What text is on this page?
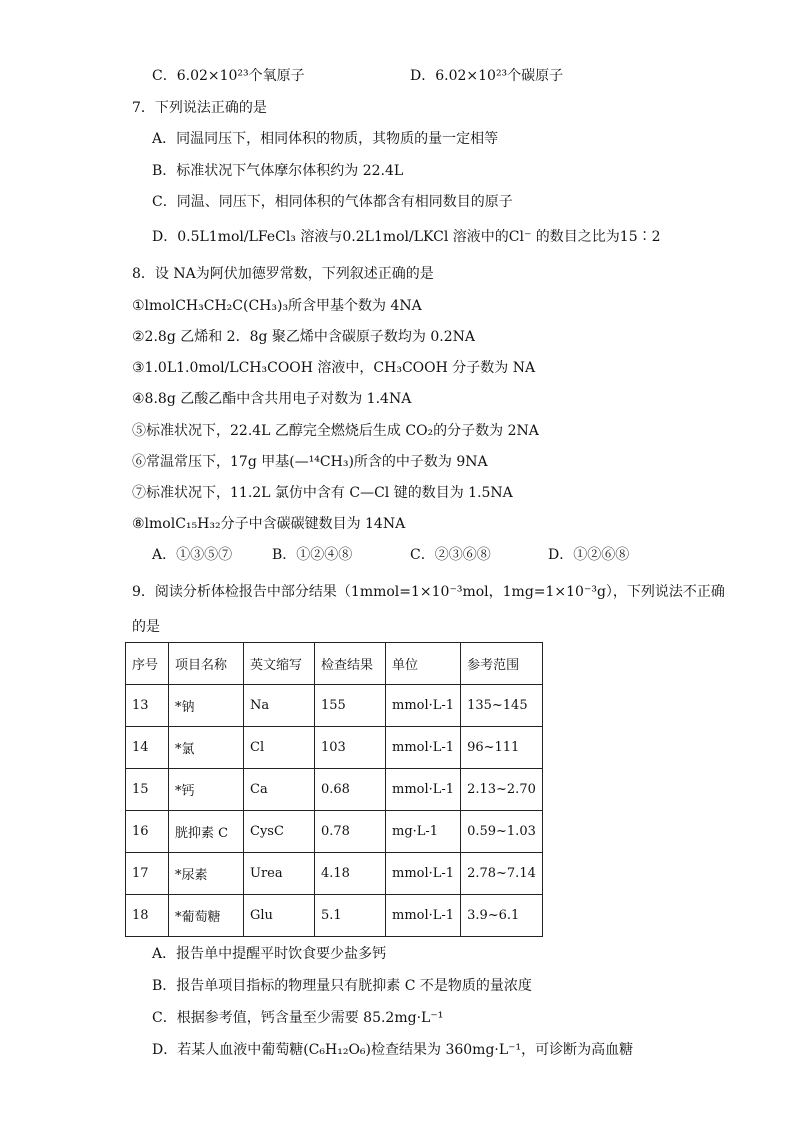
C．6.02×10²³个氧原子	D．6.02×10²³个碳原子
7．下列说法正确的是
A．同温同压下，相同体积的物质，其物质的量一定相等
B．标准状况下气体摩尔体积约为 22.4L
C．同温、同压下，相同体积的气体都含有相同数目的原子
D．0.5L1mol/LFeCl₃ 溶液与0.2L1mol/LKCl 溶液中的Cl⁻ 的数目之比为15∶2
8．设 NA为阿伏加德罗常数，下列叙述正确的是
①lmolCH₃CH₂C(CH₃)₃所含甲基个数为 4NA
②2.8g 乙烯和 2．8g 聚乙烯中含碳原子数均为 0.2NA
③1.0L1.0mol/LCH₃COOH 溶液中，CH₃COOH 分子数为 NA
④8.8g 乙酸乙酯中含共用电子对数为 1.4NA
⑤标准状况下，22.4L 乙醇完全燃烧后生成 CO₂的分子数为 2NA
⑥常温常压下，17g 甲基(—¹⁴CH₃)所含的中子数为 9NA
⑦标准状况下，11.2L 氯仿中含有 C—Cl 键的数目为 1.5NA
⑧lmolC₁₅H₃₂分子中含碳碳键数目为 14NA
A．①③⑤⑦	B．①②④⑧	C．②③⑥⑧	D．①②⑥⑧
9．阅读分析体检报告中部分结果（1mmol=1×10⁻³mol，1mg=1×10⁻³g），下列说法不正确
的是
序号	项目名称	英文缩写	检查结果	单位	参考范围
13	*钠	Na	155	mmol·L-1	135~145
14	*氯	Cl	103	mmol·L-1	96~111
15	*钙	Ca	0.68	mmol·L-1	2.13~2.70
16	胱抑素 C	CysC	0.78	mg·L-1	0.59~1.03
17	*尿素	Urea	4.18	mmol·L-1	2.78~7.14
18	*葡萄糖	Glu	5.1	mmol·L-1	3.9~6.1
A．报告单中提醒平时饮食要少盐多钙
B．报告单项目指标的物理量只有胱抑素 C 不是物质的量浓度
C．根据参考值，钙含量至少需要 85.2mg·L⁻¹
D．若某人血液中葡萄糖(C₆H₁₂O₆)检查结果为 360mg·L⁻¹，可诊断为高血糖
